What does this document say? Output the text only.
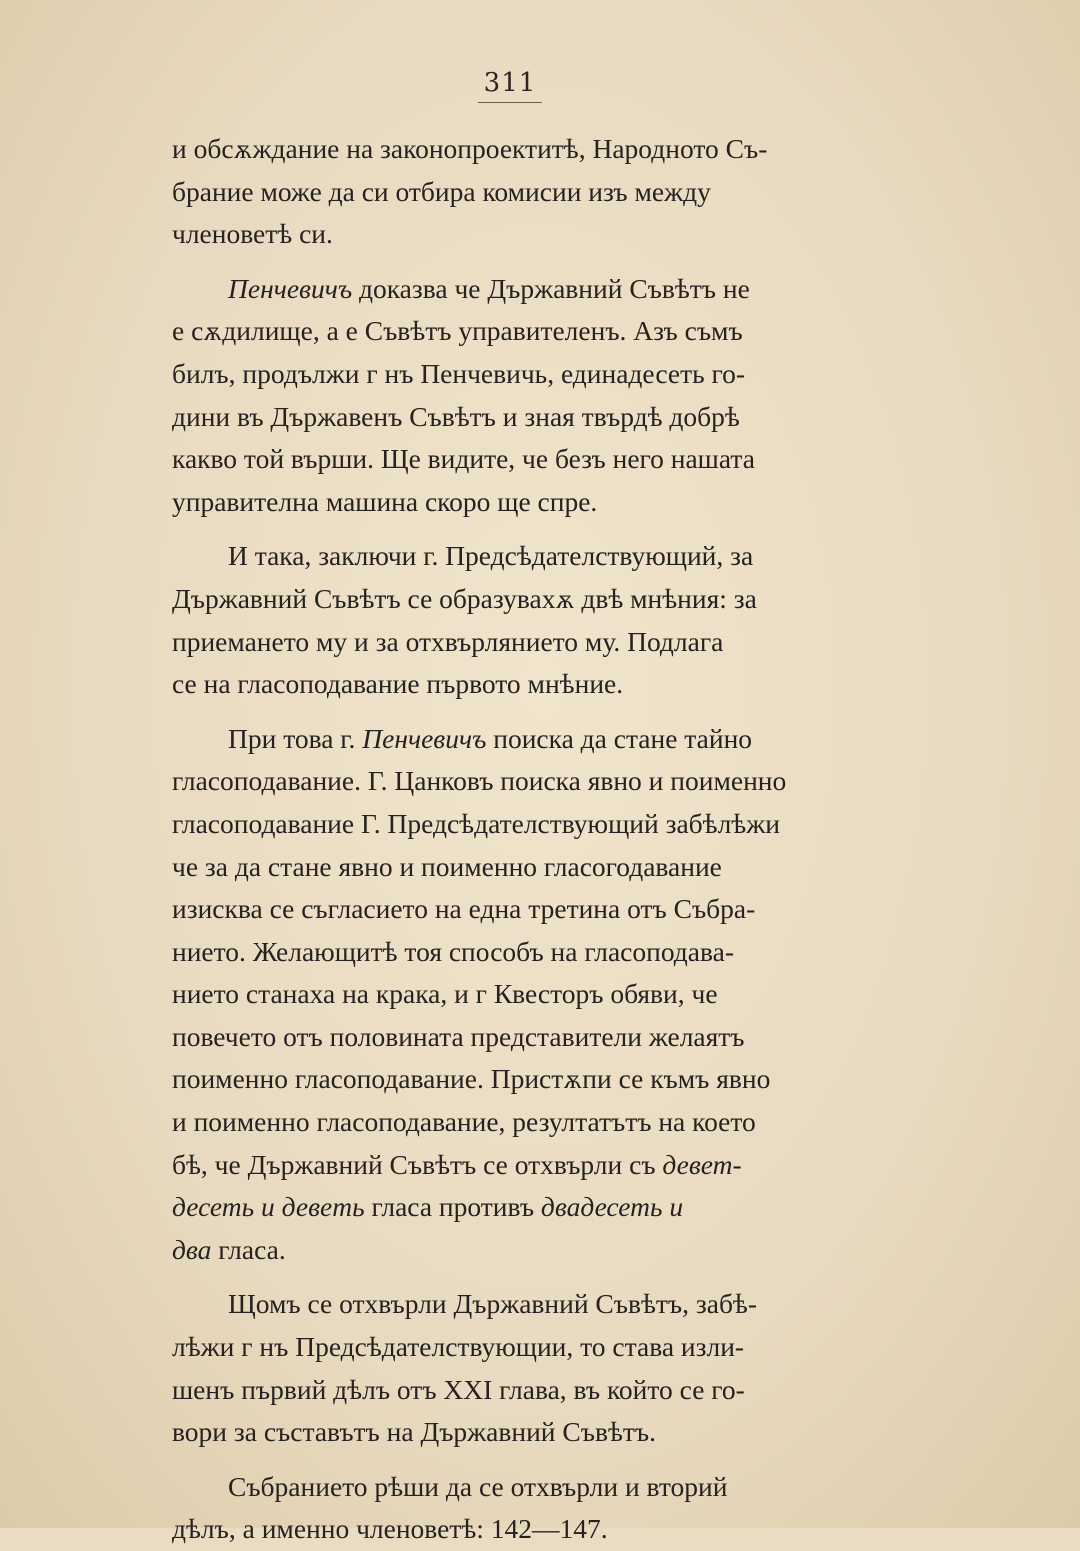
311
и обсѫждание на законопроектитѣ, Народното Съ-
брание може да си отбира комисии изъ между
членоветѣ си.
Пенчевичъ доказва че Държавний Съвѣтъ не
е сѫдилище, а е Съвѣтъ управителенъ. Азъ съмъ
билъ, продължи г нъ Пенчевичь, единадесеть го-
дини въ Държавенъ Съвѣтъ и зная твърдѣ добрѣ
какво той върши. Ще видите, че безъ него нашата
управителна машина скоро ще спре.
И така, заключи г. Предсѣдателствующий, за
Държавний Съвѣтъ се образувахѫ двѣ мнѣния: за
приемането му и за отхвърлянието му. Подлага
се на гласоподавание първото мнѣние.
При това г. Пенчевичъ поиска да стане тайно
гласоподавание. Г. Цанковъ поиска явно и поименно
гласоподавание Г. Предсѣдателствующий забѣлѣжи
че за да стане явно и поименно гласогодавание
изисква се съгласието на една третина отъ Събра-
нието. Желающитѣ тоя способъ на гласоподава-
нието станаха на крака, и г Квесторъ обяви, че
повечето отъ половината представители желаятъ
поименно гласоподавание. Пристѫпи се къмъ явно
и поименно гласоподавание, резултатътъ на което
бѣ, че Държавний Съвѣтъ се отхвърли съ девет-
десеть и девеmь гласа противъ двадесеть и
два гласа.
Щомъ се отхвърли Държавний Съвѣтъ, забѣ-
лѣжи г нъ Предсѣдателствующии, то става изли-
шенъ първий дѣлъ отъ XXI глава, въ който се го-
вори за съставътъ на Държавний Съвѣтъ.
Събранието рѣши да се отхвърли и вторий
дѣлъ, а именно членоветѣ: 142—147.
